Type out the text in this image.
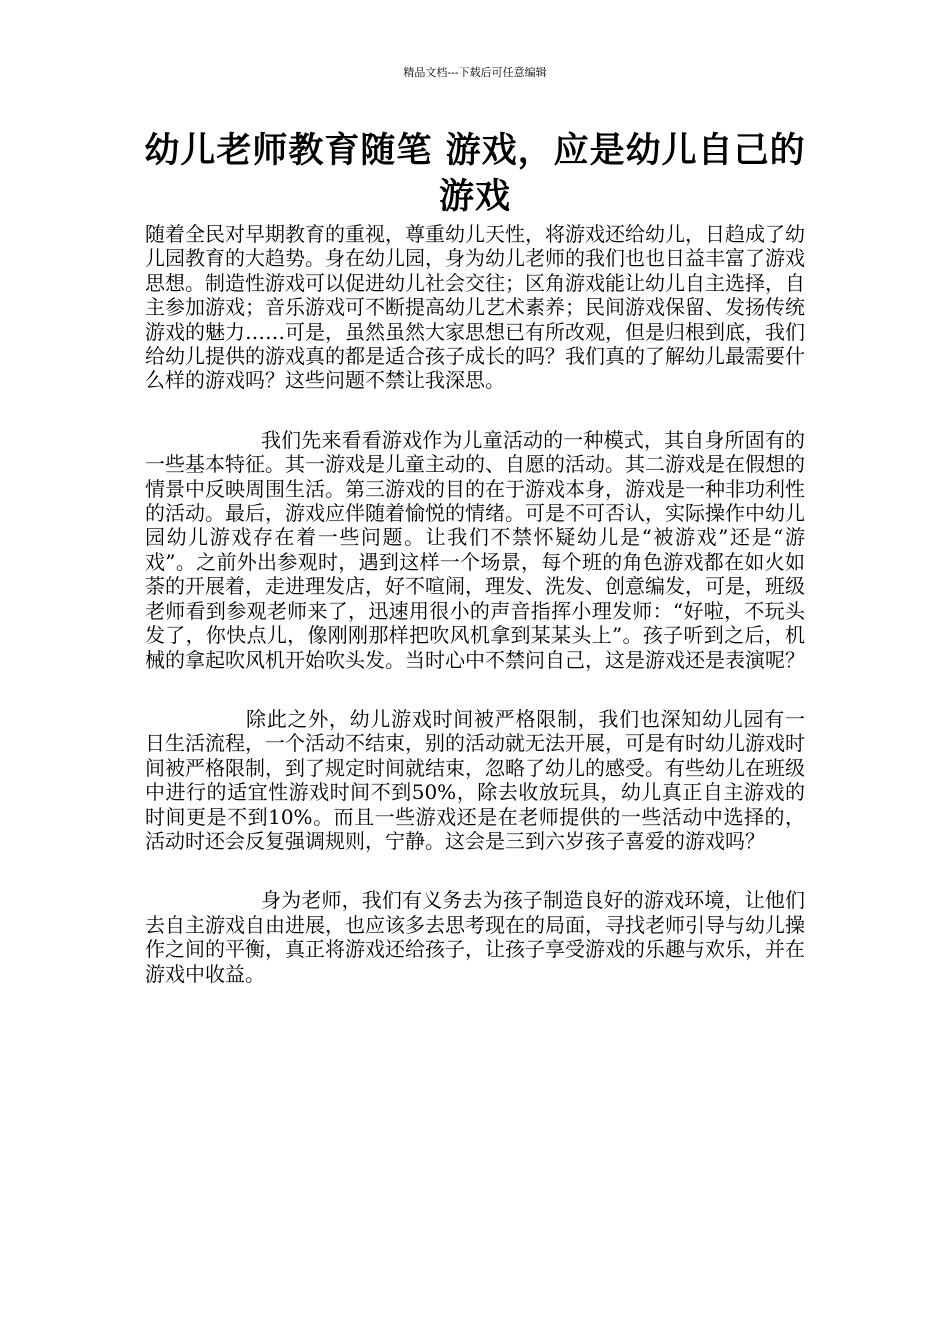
精品文档---下载后可任意编辑
幼儿老师教育随笔 游戏，应是幼儿自己的游戏

随着全民对早期教育的重视，尊重幼儿天性，将游戏还给幼儿，日趋成了幼儿园教育的大趋势。身在幼儿园，身为幼儿老师的我们也也日益丰富了游戏思想。制造性游戏可以促进幼儿社会交往；区角游戏能让幼儿自主选择，自主参加游戏；音乐游戏可不断提高幼儿艺术素养；民间游戏保留、发扬传统游戏的魅力……可是，虽然虽然大家思想已有所改观，但是归根到底，我们给幼儿提供的游戏真的都是适合孩子成长的吗？我们真的了解幼儿最需要什么样的游戏吗？这些问题不禁让我深思。

我们先来看看游戏作为儿童活动的一种模式，其自身所固有的一些基本特征。其一游戏是儿童主动的、自愿的活动。其二游戏是在假想的情景中反映周围生活。第三游戏的目的在于游戏本身，游戏是一种非功利性的活动。最后，游戏应伴随着愉悦的情绪。可是不可否认，实际操作中幼儿园幼儿游戏存在着一些问题。让我们不禁怀疑幼儿是“被游戏”还是“游戏”。之前外出参观时，遇到这样一个场景，每个班的角色游戏都在如火如荼的开展着，走进理发店，好不喧闹，理发、洗发、创意编发，可是，班级老师看到参观老师来了，迅速用很小的声音指挥小理发师：“好啦，不玩头发了，你快点儿，像刚刚那样把吹风机拿到某某头上”。孩子听到之后，机械的拿起吹风机开始吹头发。当时心中不禁问自己，这是游戏还是表演呢？

除此之外，幼儿游戏时间被严格限制，我们也深知幼儿园有一日生活流程，一个活动不结束，别的活动就无法开展，可是有时幼儿游戏时间被严格限制，到了规定时间就结束，忽略了幼儿的感受。有些幼儿在班级中进行的适宜性游戏时间不到50%，除去收放玩具，幼儿真正自主游戏的时间更是不到10%。而且一些游戏还是在老师提供的一些活动中选择的，活动时还会反复强调规则，宁静。这会是三到六岁孩子喜爱的游戏吗？

身为老师，我们有义务去为孩子制造良好的游戏环境，让他们去自主游戏自由进展，也应该多去思考现在的局面，寻找老师引导与幼儿操作之间的平衡，真正将游戏还给孩子，让孩子享受游戏的乐趣与欢乐，并在游戏中收益。
